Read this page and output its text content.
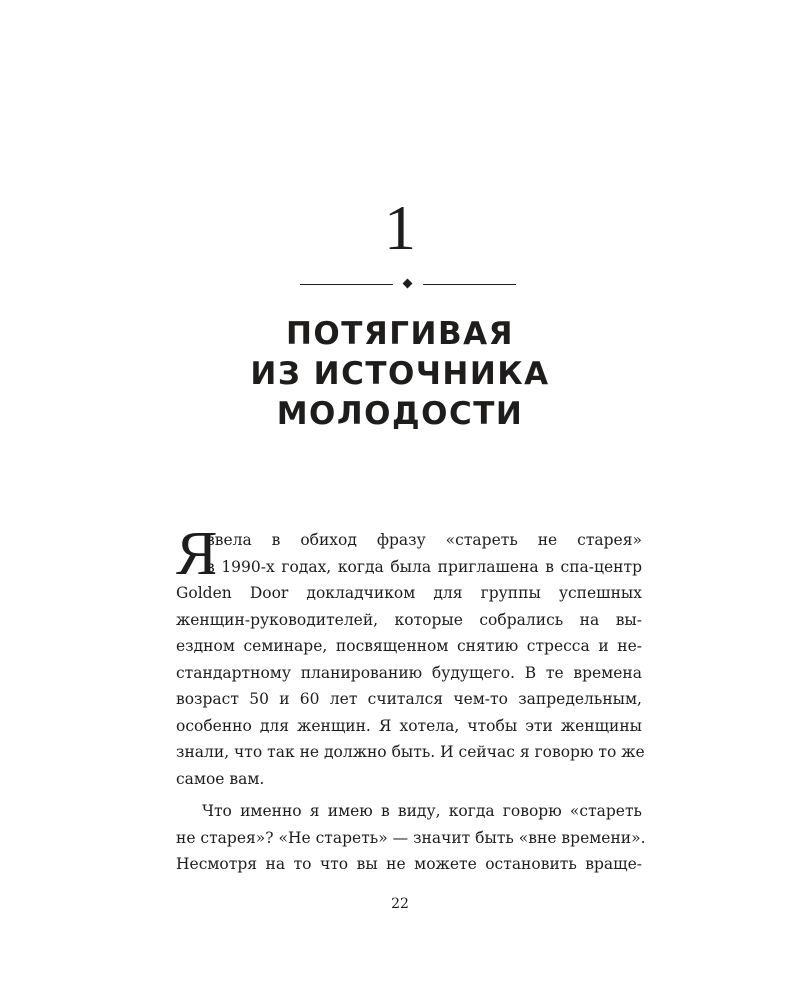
1
ПОТЯГИВАЯ
ИЗ ИСТОЧНИКА
МОЛОДОСТИ
Я
ввела в обиход фразу «стареть не старея»
в 1990-х годах, когда была приглашена в спа-центр
Golden Door докладчиком для группы успешных
женщин-руководителей, которые собрались на вы-
ездном семинаре, посвященном снятию стресса и не-
стандартному планированию будущего. В те времена
возраст 50 и 60 лет считался чем-то запредельным,
особенно для женщин. Я хотела, чтобы эти женщины
знали, что так не должно быть. И сейчас я говорю то же
самое вам.
Что именно я имею в виду, когда говорю «стареть
не старея»? «Не стареть» — значит быть «вне времени».
Несмотря на то что вы не можете остановить враще-
22
